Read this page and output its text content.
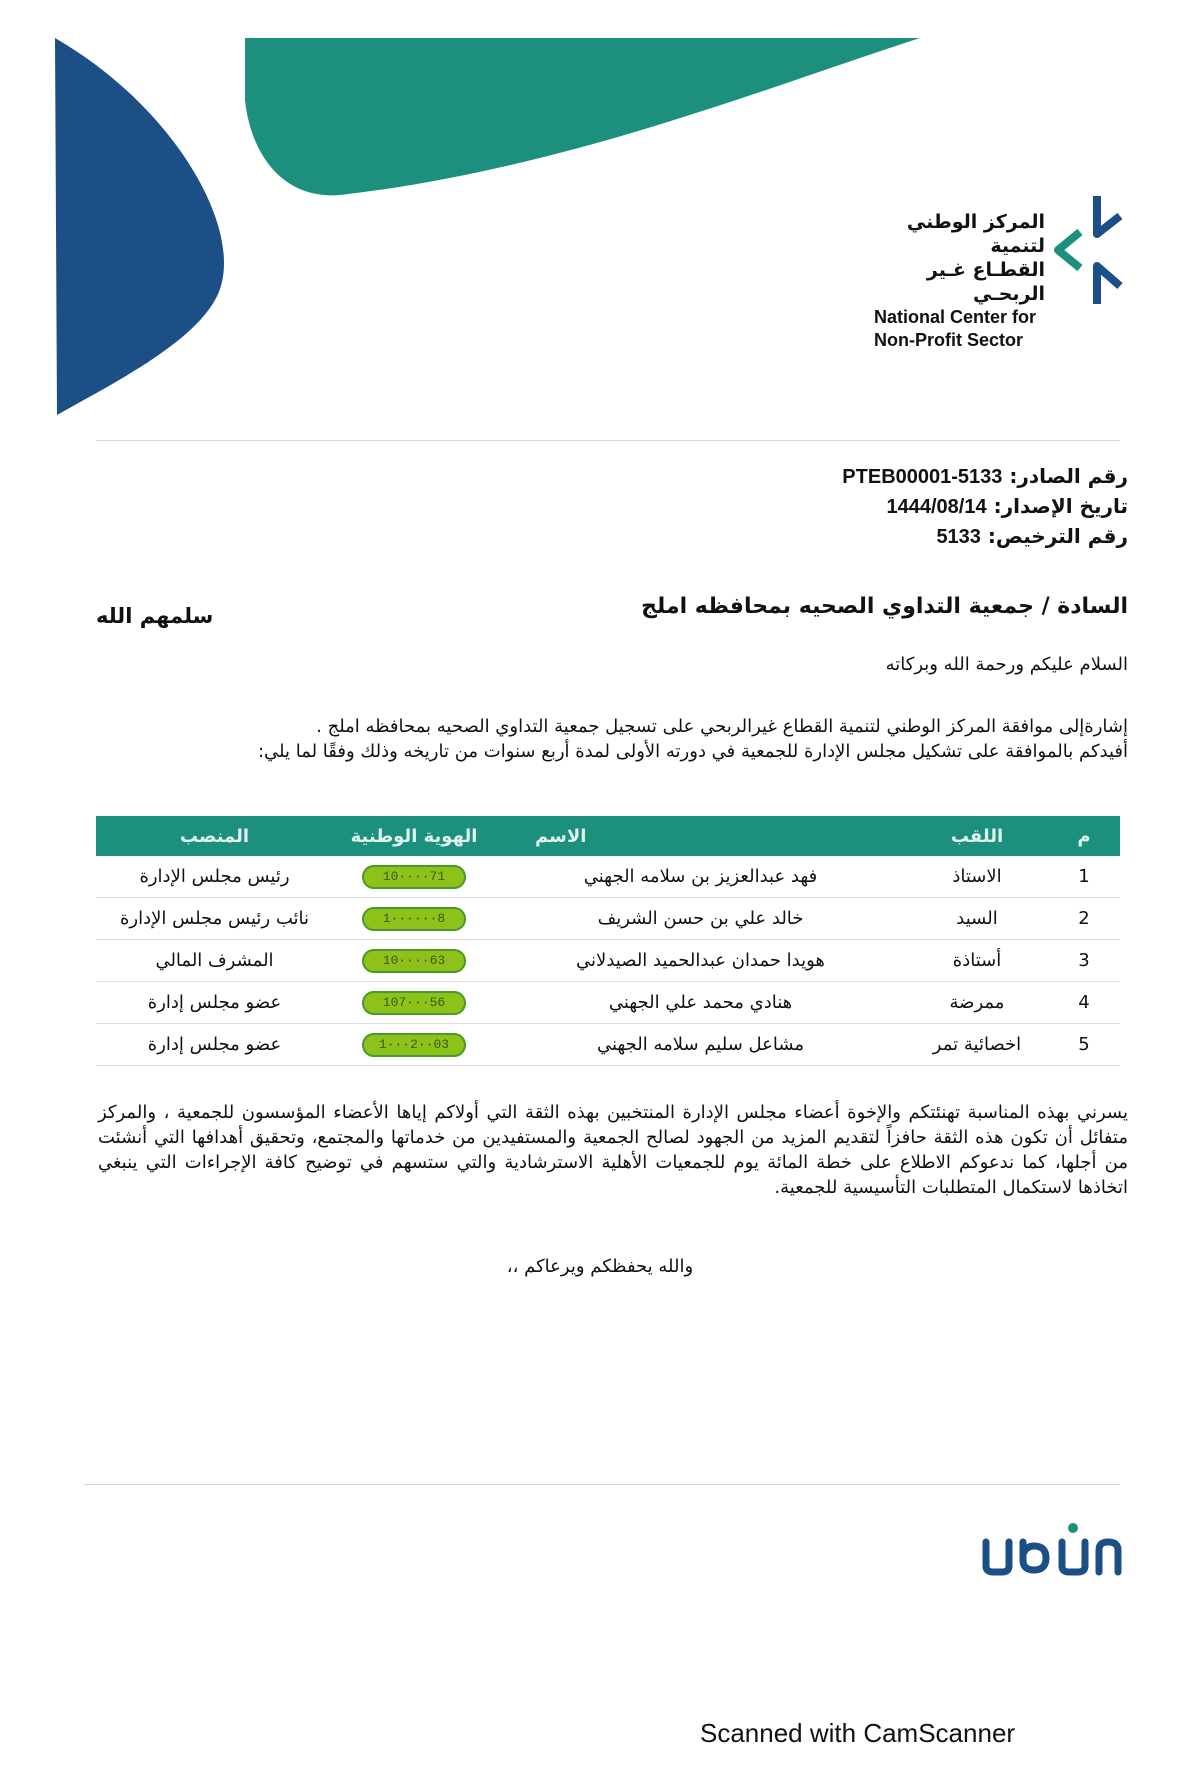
المركز الوطني لتنمية
القطـاع غـير الربحـي
National Center for
Non-Profit Sector
رقم الصادر: PTEB00001-5133
تاريخ الإصدار: 1444/08/14
رقم الترخيص: 5133
السادة / جمعية التداوي الصحيه بمحافظه املج
سلمهم الله
السلام عليكم ورحمة الله وبركاته
إشارةإلى موافقة المركز الوطني لتنمية القطاع غيرالربحي على تسجيل جمعية التداوي الصحيه بمحافظه املج .
أفيدكم بالموافقة على تشكيل مجلس الإدارة للجمعية في دورته الأولى لمدة أربع سنوات من تاريخه وذلك وفقًا لما يلي:
م	اللقب	الاسم	الهوية الوطنية	المنصب
1	الاستاذ	فهد عبدالعزيز بن سلامه الجهني	10····71	رئيس مجلس الإدارة
2	السيد	خالد علي بن حسن الشريف	1······8	نائب رئيس مجلس الإدارة
3	أستاذة	هويدا حمدان عبدالحميد الصيدلاني	10····63	المشرف المالي
4	ممرضة	هنادي محمد علي الجهني	107···56	عضو مجلس إدارة
5	اخصائية تمر	مشاعل سليم سلامه الجهني	1···2··03	عضو مجلس إدارة
يسرني بهذه المناسبة تهنئتكم والإخوة أعضاء مجلس الإدارة المنتخبين بهذه الثقة التي أولاكم إياها الأعضاء المؤسسون للجمعية ، والمركز متفائل أن تكون هذه الثقة حافزاً لتقديم المزيد من الجهود لصالح الجمعية والمستفيدين من خدماتها والمجتمع، وتحقيق أهدافها التي أنشئت من أجلها، كما ندعوكم الاطلاع على خطة المائة يوم للجمعيات الأهلية الاسترشادية والتي ستسهم في توضيح كافة الإجراءات التي ينبغي اتخاذها لاستكمال المتطلبات التأسيسية للجمعية.
والله يحفظكم ويرعاكم ،،
Scanned with CamScanner
